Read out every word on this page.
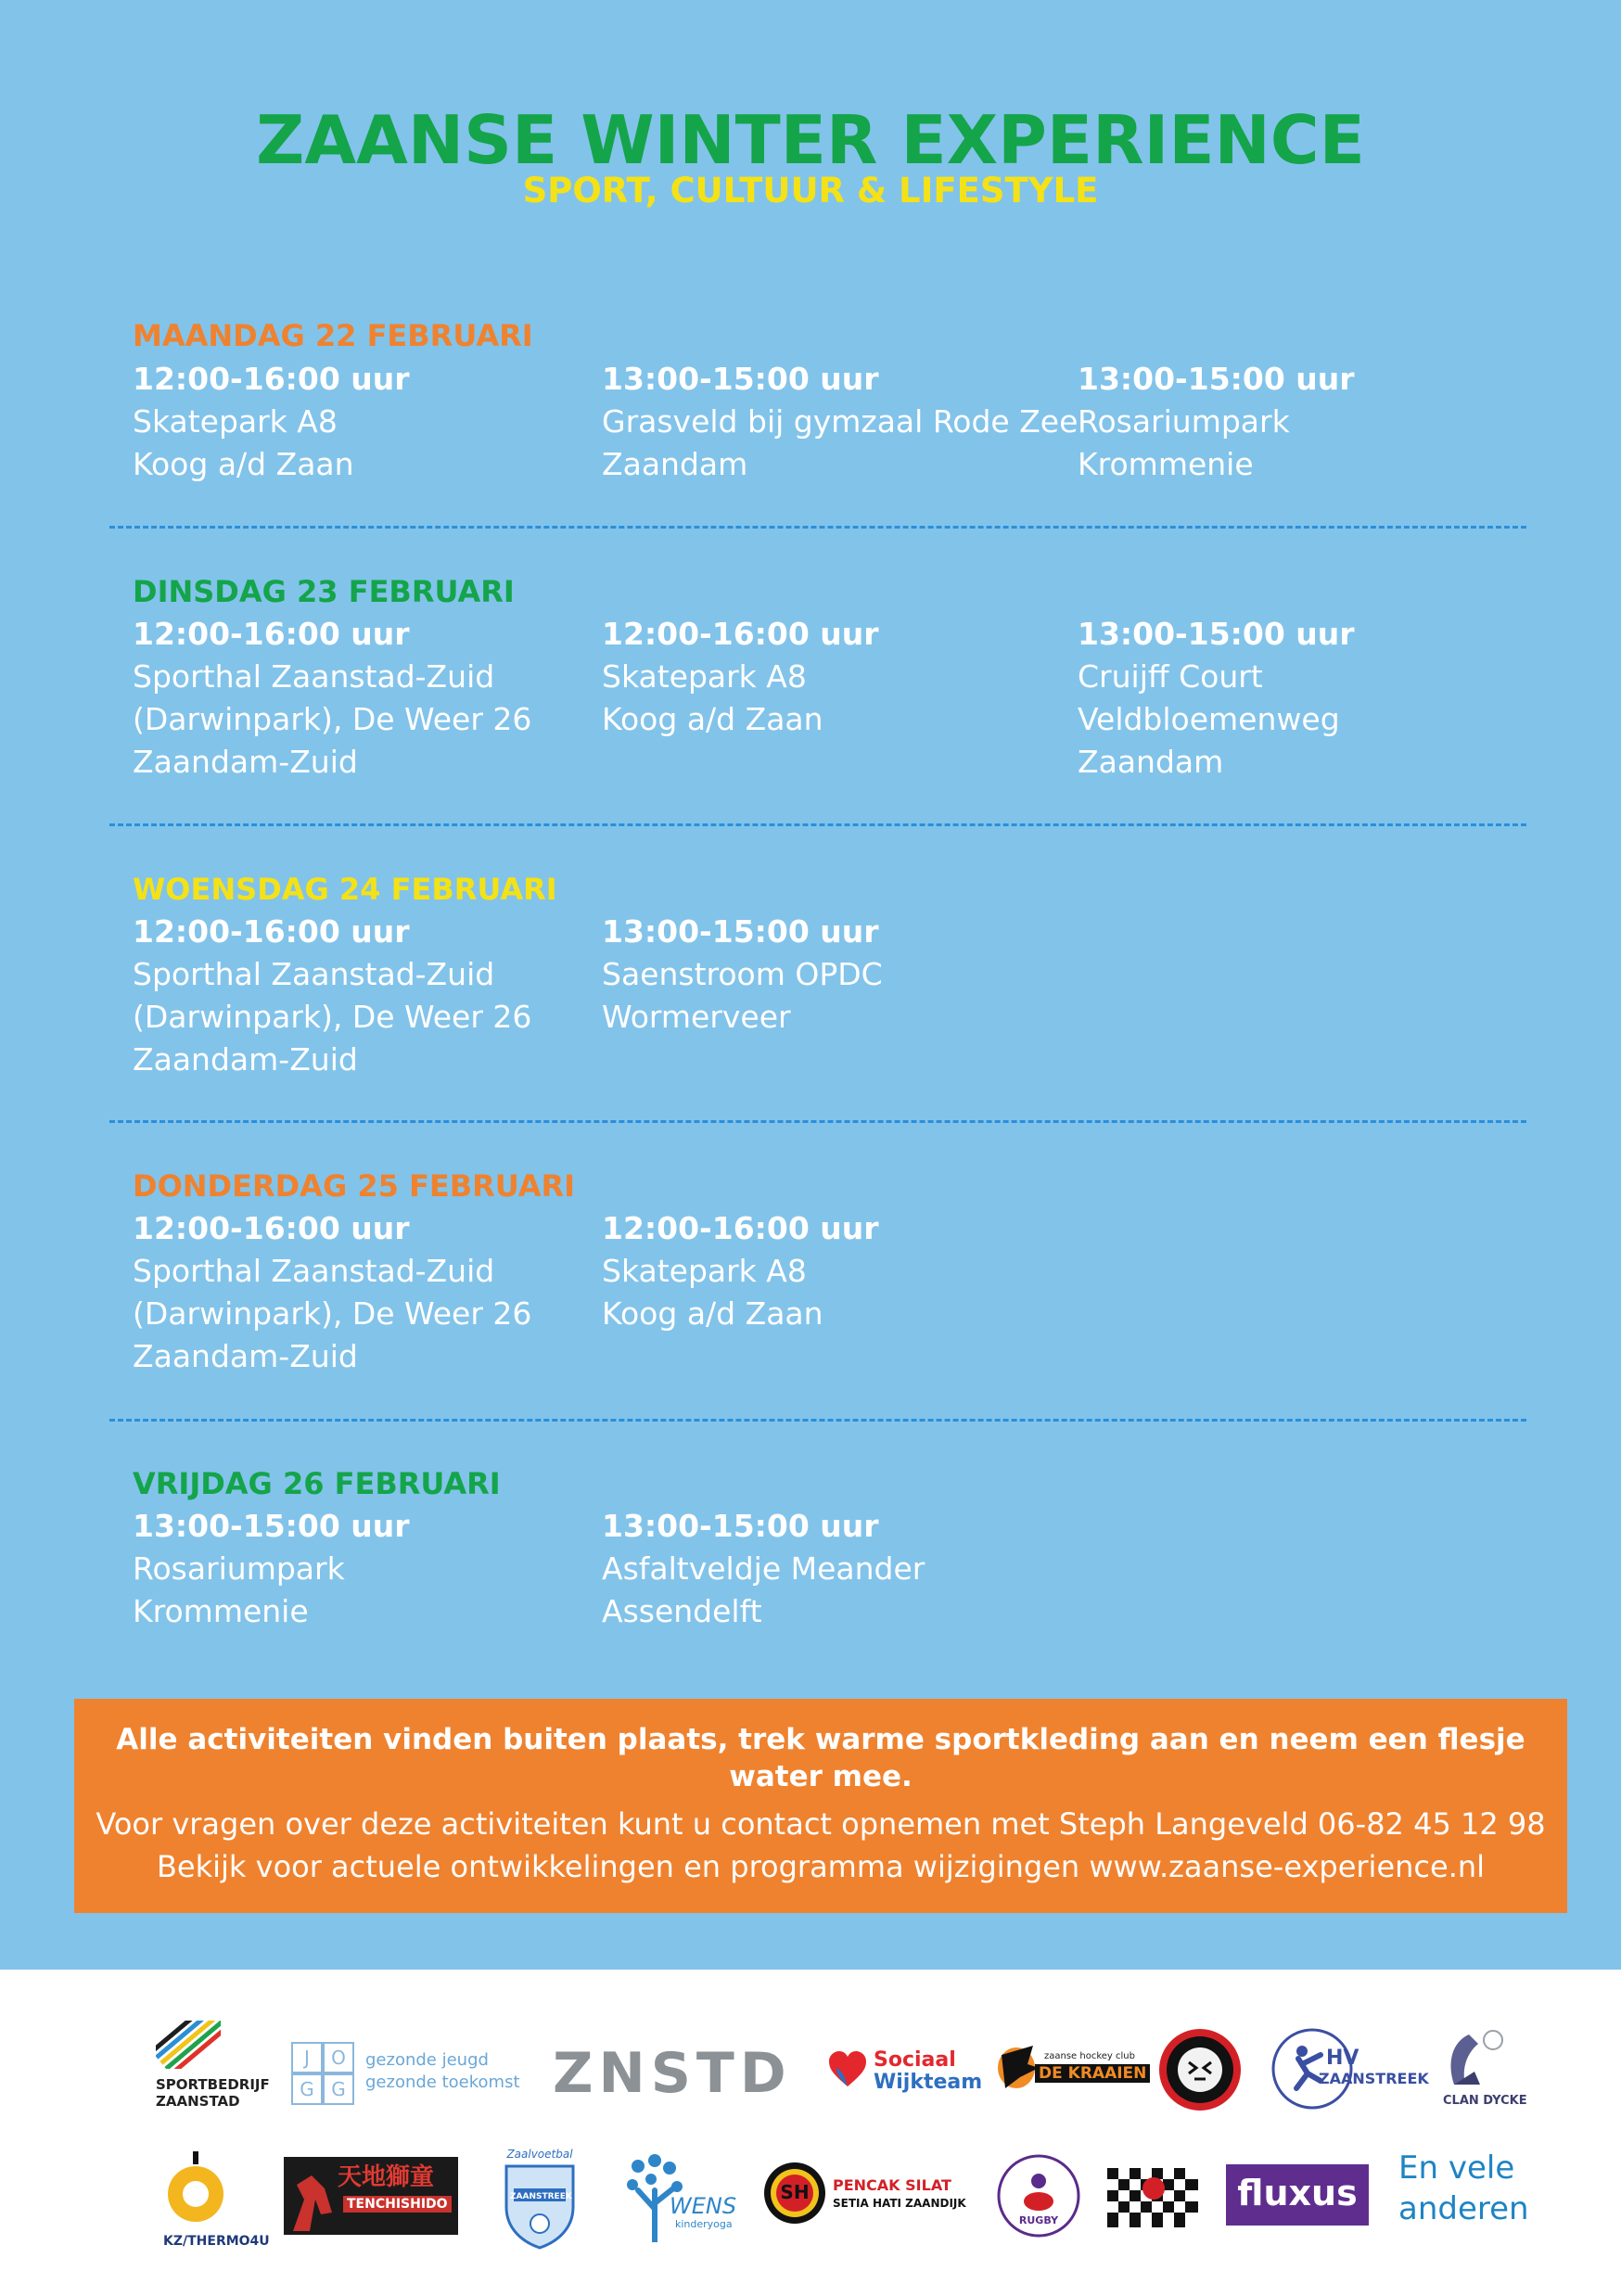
ZAANSE WINTER EXPERIENCE
SPORT, CULTUUR & LIFESTYLE
MAANDAG 22 FEBRUARI
12:00-16:00 uur
Skatepark A8
Koog a/d Zaan
13:00-15:00 uur
Grasveld bij gymzaal Rode Zee
Zaandam
13:00-15:00 uur
Rosariumpark
Krommenie
DINSDAG 23 FEBRUARI
12:00-16:00 uur
Sporthal Zaanstad-Zuid
(Darwinpark), De Weer 26
Zaandam-Zuid
12:00-16:00 uur
Skatepark A8
Koog a/d Zaan
13:00-15:00 uur
Cruijff Court
Veldbloemenweg
Zaandam
WOENSDAG 24 FEBRUARI
12:00-16:00 uur
Sporthal Zaanstad-Zuid
(Darwinpark), De Weer 26
Zaandam-Zuid
13:00-15:00 uur
Saenstroom OPDC
Wormerveer
DONDERDAG 25 FEBRUARI
12:00-16:00 uur
Sporthal Zaanstad-Zuid
(Darwinpark), De Weer 26
Zaandam-Zuid
12:00-16:00 uur
Skatepark A8
Koog a/d Zaan
VRIJDAG 26 FEBRUARI
13:00-15:00 uur
Rosariumpark
Krommenie
13:00-15:00 uur
Asfaltveldje Meander
Assendelft
Alle activiteiten vinden buiten plaats, trek warme sportkleding aan en neem een flesje water mee.
Voor vragen over deze activiteiten kunt u contact opnemen met Steph Langeveld 06-82 45 12 98
Bekijk voor actuele ontwikkelingen en programma wijzigingen www.zaanse-experience.nl
SPORTBEDRIJF
ZAANSTAD
J	O
G G
gezonde jeugd
gezonde toekomst ZNSTD	Sociaal
Wijkteam
zaanse hockey club
DE KRAAIEN
HV
ZAANSTREEK
CLAN DYCKE
KZ/THERMO4U
天地獅童
TENCHISHIDO
Zaalvoetbal
ZAANSTREEK	WENS
kinderyoga
SH PENCAK SILAT
SETIA HATI ZAANDIJK
RUGBY
fluxus
En vele
anderen
